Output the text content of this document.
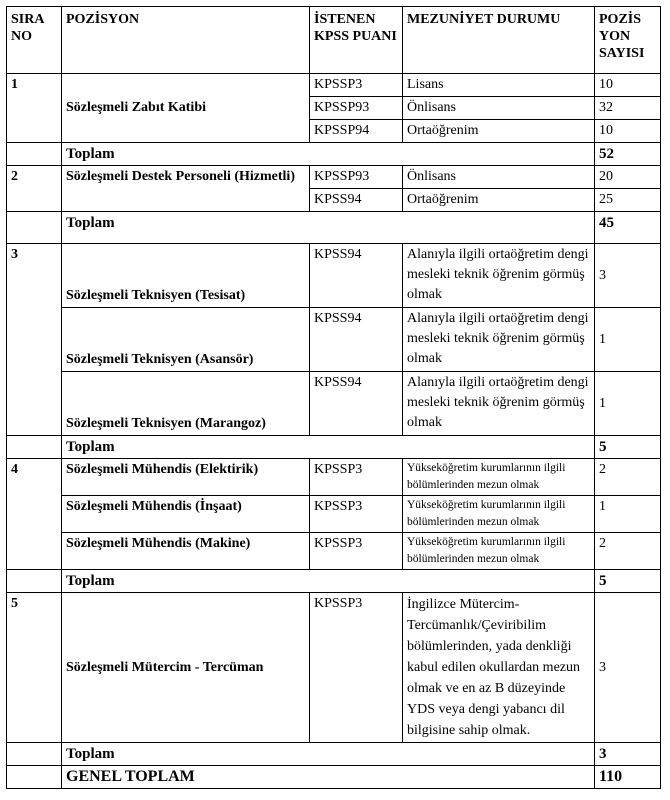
SIRA NO	POZİSYON	İSTENEN KPSS PUANI	MEZUNİYET DURUMU	POZİS YON SAYISI
1	Sözleşmeli Zabıt Katibi	KPSSP3	Lisans	10
		KPSSP93	Önlisans	32
		KPSSP94	Ortaöğrenim	10
	Toplam			52
2	Sözleşmeli Destek Personeli (Hizmetli)	KPSSP93	Önlisans	20
		KPSS94	Ortaöğrenim	25
	Toplam			45
3	Sözleşmeli Teknisyen (Tesisat)	KPSS94	Alanıyla ilgili ortaöğretim dengi mesleki teknik öğrenim görmüş olmak	3
	Sözleşmeli Teknisyen (Asansör)	KPSS94	Alanıyla ilgili ortaöğretim dengi mesleki teknik öğrenim görmüş olmak	1
	Sözleşmeli Teknisyen (Marangoz)	KPSS94	Alanıyla ilgili ortaöğretim dengi mesleki teknik öğrenim görmüş olmak	1
	Toplam			5
4	Sözleşmeli Mühendis (Elektirik)	KPSSP3	Yükseköğretim kurumlarının ilgili bölümlerinden mezun olmak	2
	Sözleşmeli Mühendis (İnşaat)	KPSSP3	Yükseköğretim kurumlarının ilgili bölümlerinden mezun olmak	1
	Sözleşmeli Mühendis (Makine)	KPSSP3	Yükseköğretim kurumlarının ilgili bölümlerinden mezun olmak	2
	Toplam			5
5	Sözleşmeli Mütercim - Tercüman	KPSSP3	İngilizce Mütercim-Tercümanlık/Çeviribilim bölümlerinden, yada denkliği kabul edilen okullardan mezun olmak ve en az B düzeyinde YDS veya dengi yabancı dil bilgisine sahip olmak.	3
	Toplam			3
	GENEL TOPLAM			110
